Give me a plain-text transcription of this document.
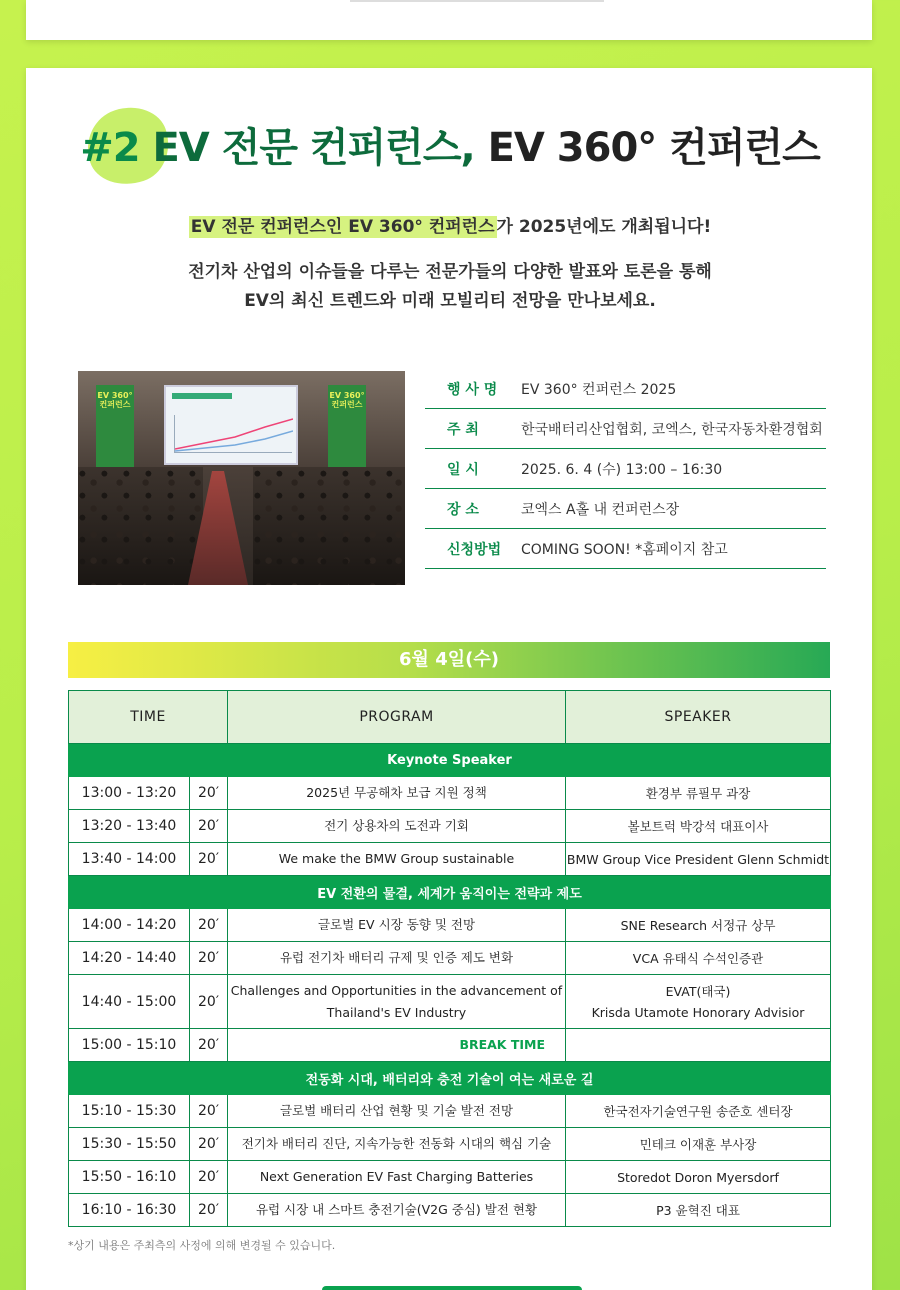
#2 EV 전문 컨퍼런스, EV 360° 컨퍼런스

EV 전문 컨퍼런스인 EV 360° 컨퍼런스 가 2025년에도 개최됩니다!

전기차 산업의 이슈들을 다루는 전문가들의 다양한 발표와 토론을 통해
EV의 최신 트렌드와 미래 모빌리티 전망을 만나보세요.

EV 360° 컨퍼런스
EV 360° 컨퍼런스
행 사 명	EV 360° 컨퍼런스 2025
주 최	한국배터리산업협회, 코엑스, 한국자동차환경협회
일 시	2025. 6. 4 (수) 13:00 – 16:30
장 소	코엑스 A홀 내 컨퍼런스장
신청방법	COMING SOON! *홈페이지 참고
6월 4일(수)
TIME		PROGRAM	SPEAKER
Keynote Speaker			
13:00 - 13:20	20′	2025년 무공해차 보급 지원 정책	환경부 류필무 과장
13:20 - 13:40	20′	전기 상용차의 도전과 기회	볼보트럭 박강석 대표이사
13:40 - 14:00	20′	We make the BMW Group sustainable	BMW Group Vice President Glenn Schmidt
EV 전환의 물결, 세계가 움직이는 전략과 제도			
14:00 - 14:20	20′	글로벌 EV 시장 동향 및 전망	SNE Research 서정규 상무
14:20 - 14:40	20′	유럽 전기차 배터리 규제 및 인증 제도 변화	VCA 유태식 수석인증관
14:40 - 15:00	20′	Challenges and Opportunities in the advancement of Thailand's EV Industry	EVAT(태국)
Krisda Utamote Honorary Advisior
15:00 - 15:10	20′	BREAK TIME	
전동화 시대, 배터리와 충전 기술이 여는 새로운 길			
15:10 - 15:30	20′	글로벌 배터리 산업 현황 및 기술 발전 전망	한국전자기술연구원 송준호 센터장
15:30 - 15:50	20′	전기차 배터리 진단, 지속가능한 전동화 시대의 핵심 기술	민테크 이재훈 부사장
15:50 - 16:10	20′	Next Generation EV Fast Charging Batteries	Storedot Doron Myersdorf
16:10 - 16:30	20′	유럽 시장 내 스마트 충전기술(V2G 중심) 발전 현황	P3 윤혁진 대표

*상기 내용은 주최측의 사정에 의해 변경될 수 있습니다.
